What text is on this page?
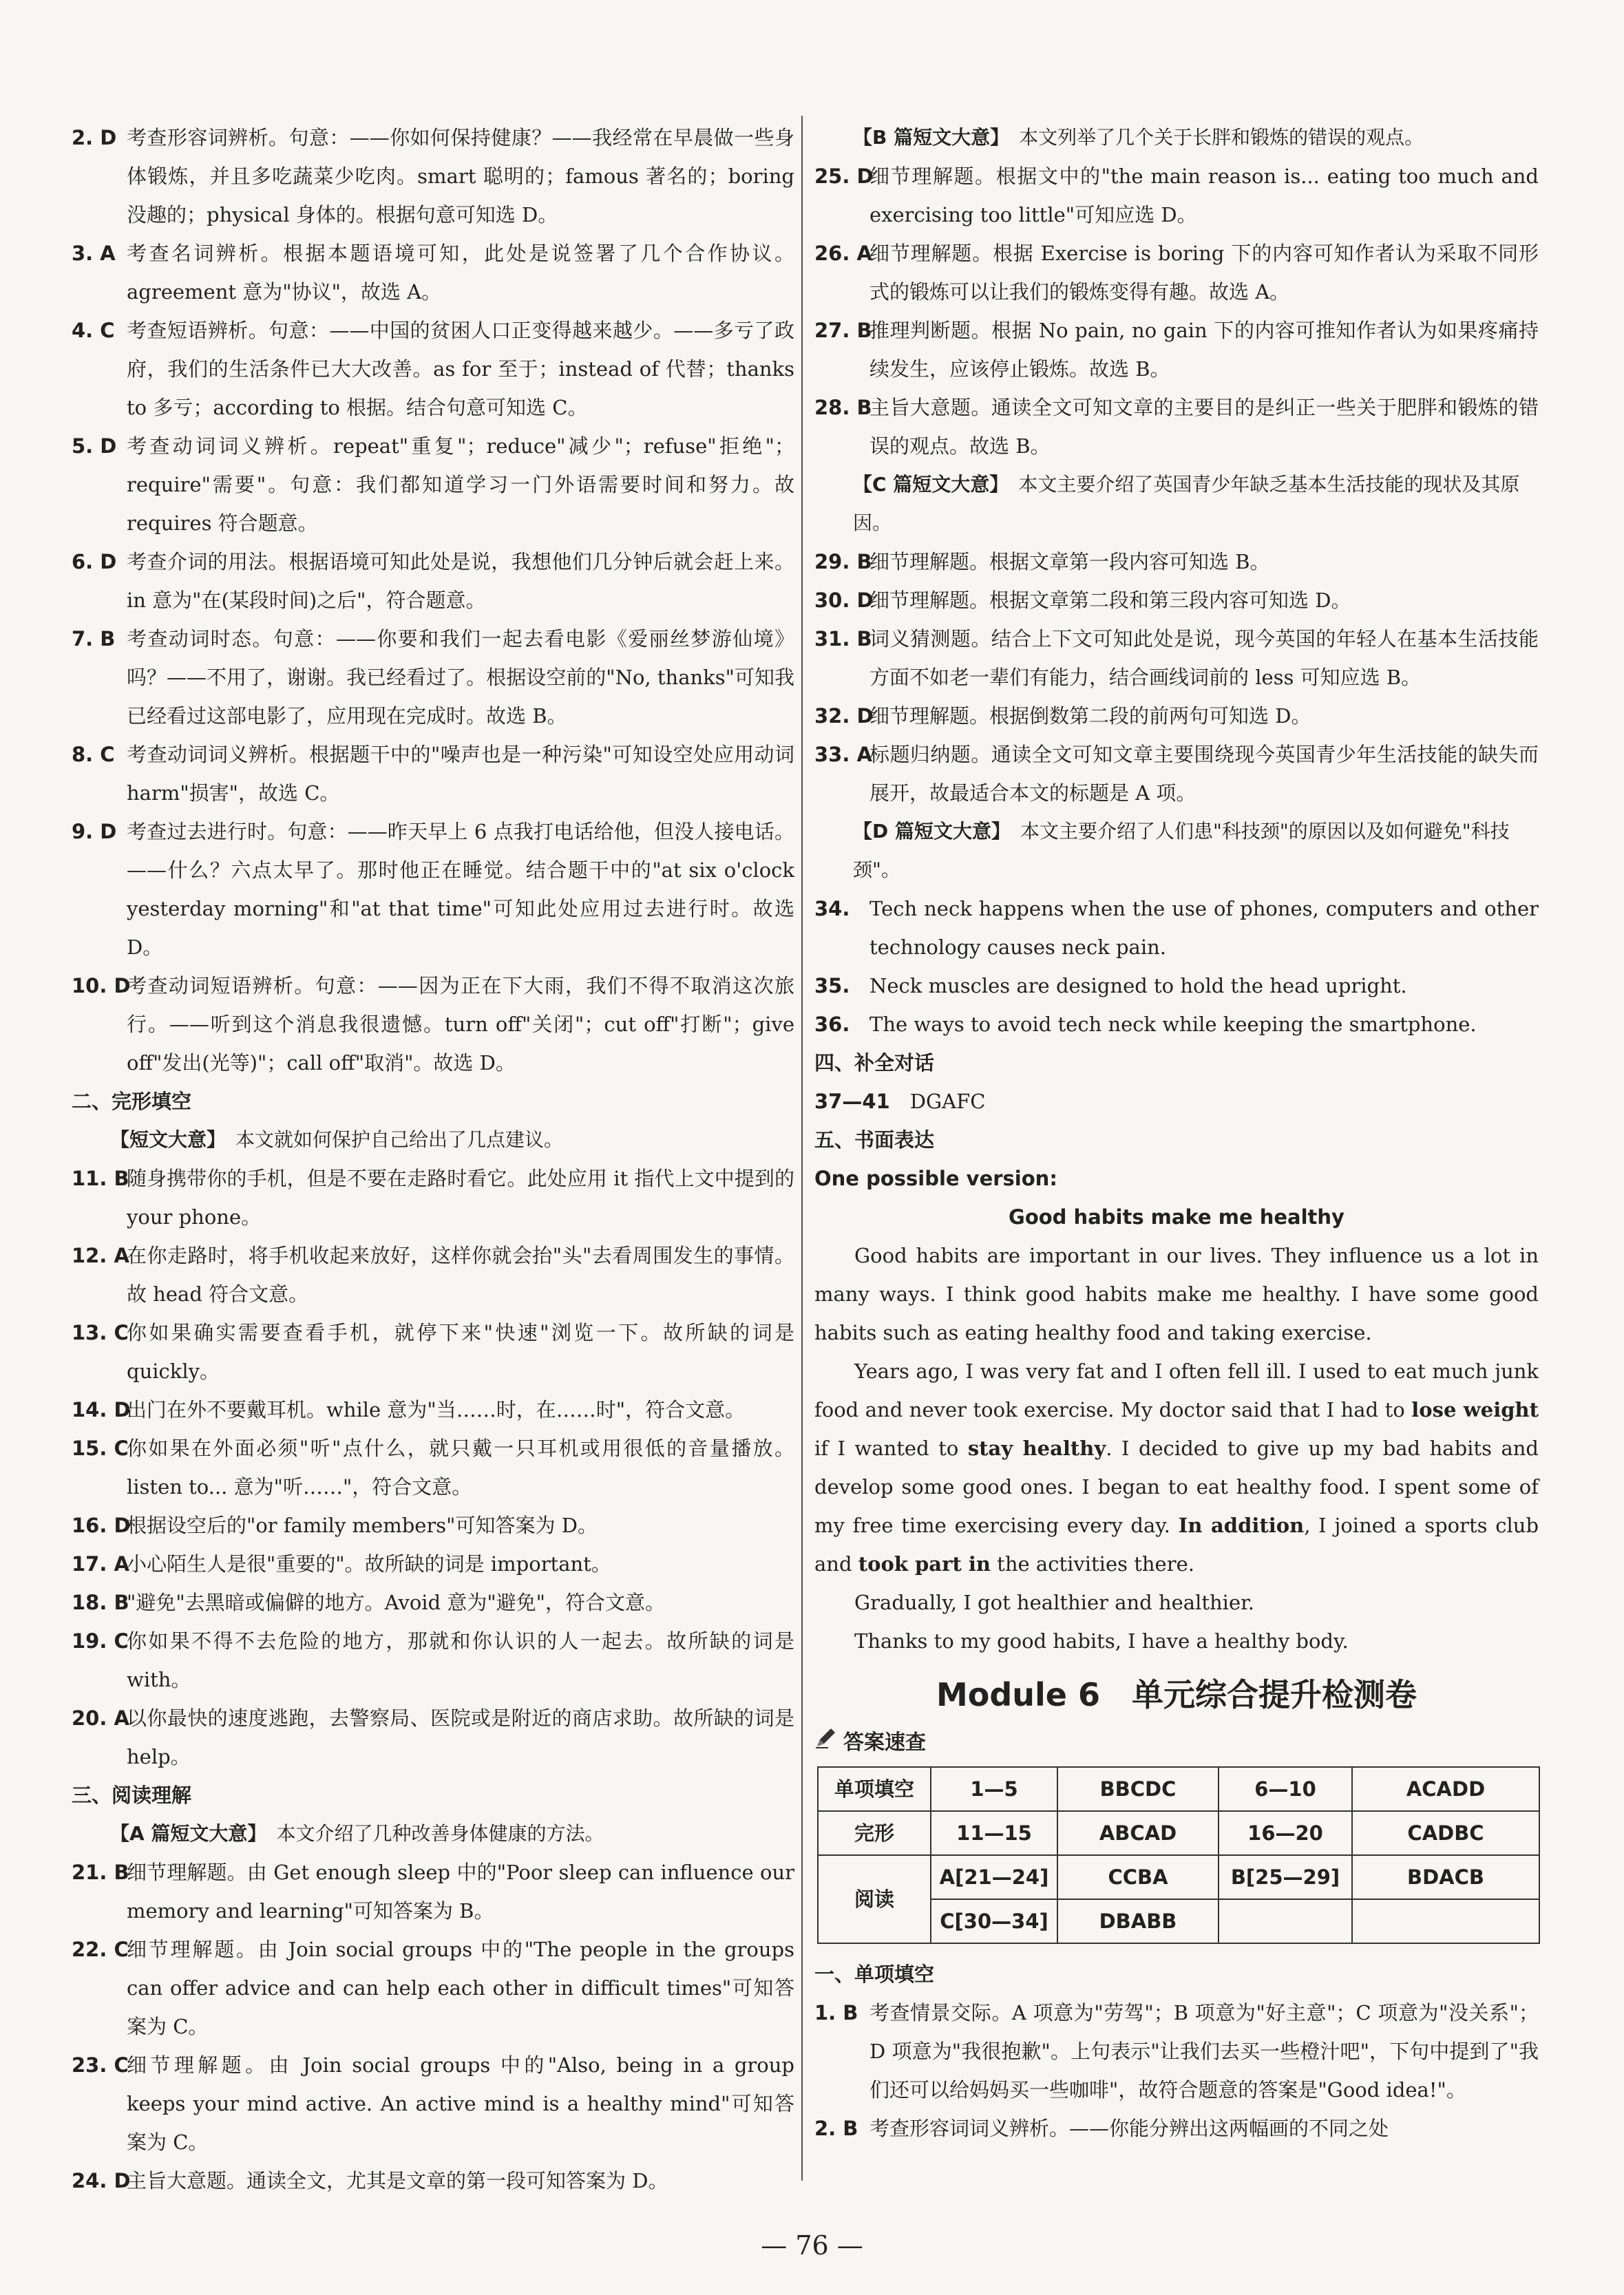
2. D 考查形容词辨析。句意：——你如何保持健康？——我经常在早晨做一些身体锻炼，并且多吃蔬菜少吃肉。smart 聪明的；famous 著名的；boring 没趣的；physical 身体的。根据句意可知选 D。
3. A 考查名词辨析。根据本题语境可知，此处是说签署了几个合作协议。agreement 意为"协议"，故选 A。
4. C 考查短语辨析。句意：——中国的贫困人口正变得越来越少。——多亏了政府，我们的生活条件已大大改善。as for 至于；instead of 代替；thanks to 多亏；according to 根据。结合句意可知选 C。
5. D 考查动词词义辨析。repeat"重复"；reduce"减少"；refuse"拒绝"；require"需要"。句意：我们都知道学习一门外语需要时间和努力。故 requires 符合题意。
6. D 考查介词的用法。根据语境可知此处是说，我想他们几分钟后就会赶上来。in 意为"在(某段时间)之后"，符合题意。
7. B 考查动词时态。句意：——你要和我们一起去看电影《爱丽丝梦游仙境》吗？——不用了，谢谢。我已经看过了。根据设空前的"No, thanks"可知我已经看过这部电影了，应用现在完成时。故选 B。
8. C 考查动词词义辨析。根据题干中的"噪声也是一种污染"可知设空处应用动词 harm"损害"，故选 C。
9. D 考查过去进行时。句意：——昨天早上 6 点我打电话给他，但没人接电话。——什么？六点太早了。那时他正在睡觉。结合题干中的"at six o'clock yesterday morning"和"at that time"可知此处应用过去进行时。故选 D。
10. D
考查动词短语辨析。句意：——因为正在下大雨，我们不得不取消这次旅行。——听到这个消息我很遗憾。turn off"关闭"；cut off"打断"；give off"发出(光等)"；call off"取消"。故选 D。
二、完形填空
【短文大意】　 本文就如何保护自己给出了几点建议。
11. B
随身携带你的手机，但是不要在走路时看它。此处应用 it 指代上文中提到的 your phone。
12. A
在你走路时，将手机收起来放好，这样你就会抬"头"去看周围发生的事情。故 head 符合文意。
13. C
你如果确实需要查看手机，就停下来"快速"浏览一下。故所缺的词是 quickly。
14. D
出门在外不要戴耳机。while 意为"当……时，在……时"，符合文意。
15. C
你如果在外面必须"听"点什么，就只戴一只耳机或用很低的音量播放。listen to... 意为"听……"，符合文意。
16. D
根据设空后的"or family members"可知答案为 D。
17. A
小心陌生人是很"重要的"。故所缺的词是 important。
18. B
"避免"去黑暗或偏僻的地方。Avoid 意为"避免"，符合文意。
19. C
你如果不得不去危险的地方，那就和你认识的人一起去。故所缺的词是 with。
20. A
以你最快的速度逃跑，去警察局、医院或是附近的商店求助。故所缺的词是 help。
三、阅读理解
【A 篇短文大意】　 本文介绍了几种改善身体健康的方法。
21. B
细节理解题。由 Get enough sleep 中的"Poor sleep can influence our memory and learning"可知答案为 B。
22. C
细节理解题。由 Join social groups 中的"The people in the groups can offer advice and can help each other in difficult times"可知答案为 C。
23. C
细节理解题。由 Join social groups 中的"Also, being in a group keeps your mind active. An active mind is a healthy mind"可知答案为 C。
24. D
主旨大意题。通读全文，尤其是文章的第一段可知答案为 D。
【B 篇短文大意】　 本文列举了几个关于长胖和锻炼的错误的观点。
25. D
细节理解题。根据文中的"the main reason is... eating too much and exercising too little"可知应选 D。
26. A
细节理解题。根据 Exercise is boring 下的内容可知作者认为采取不同形式的锻炼可以让我们的锻炼变得有趣。故选 A。
27. B
推理判断题。根据 No pain, no gain 下的内容可推知作者认为如果疼痛持续发生，应该停止锻炼。故选 B。
28. B
主旨大意题。通读全文可知文章的主要目的是纠正一些关于肥胖和锻炼的错误的观点。故选 B。
【C 篇短文大意】　 本文主要介绍了英国青少年缺乏基本生活技能的现状及其原因。
29. B
细节理解题。根据文章第一段内容可知选 B。
30. D
细节理解题。根据文章第二段和第三段内容可知选 D。
31. B
词义猜测题。结合上下文可知此处是说，现今英国的年轻人在基本生活技能方面不如老一辈们有能力，结合画线词前的 less 可知应选 B。
32. D
细节理解题。根据倒数第二段的前两句可知选 D。
33. A
标题归纳题。通读全文可知文章主要围绕现今英国青少年生活技能的缺失而展开，故最适合本文的标题是 A 项。
【D 篇短文大意】　 本文主要介绍了人们患"科技颈"的原因以及如何避免"科技颈"。
34. Tech neck happens when the use of phones, computers and other technology causes neck pain.
35. Neck muscles are designed to hold the head upright.
36. The ways to avoid tech neck while keeping the smartphone.
四、补全对话
37—41  DGAFC
五、书面表达
One possible version:
Good habits make me healthy

Good habits are important in our lives. They influence us a lot in many ways. I think good habits make me healthy. I have some good habits such as eating healthy food and taking exercise.

Years ago, I was very fat and I often fell ill. I used to eat much junk food and never took exercise. My doctor said that I had to lose weight if I wanted to stay healthy. I decided to give up my bad habits and develop some good ones. I began to eat healthy food. I spent some of my free time exercising every day. In addition, I joined a sports club and took part in the activities there.

Gradually, I got healthier and healthier.

Thanks to my good habits, I have a healthy body.

Module 6　单元综合提升检测卷
答案速查
单项填空	1—5	BBCDC	6—10	ACADD
完形	11—15	ABCAD	16—20	CADBC
阅读	A[21—24]	CCBA	B[25—29]	BDACB
	C[30—34]	DBABB		
一、单项填空
1. B 考查情景交际。A 项意为"劳驾"；B 项意为"好主意"；C 项意为"没关系"；D 项意为"我很抱歉"。上句表示"让我们去买一些橙汁吧"，下句中提到了"我们还可以给妈妈买一些咖啡"，故符合题意的答案是"Good idea!"。
2. B 考查形容词词义辨析。——你能分辨出这两幅画的不同之处
— 76 —
